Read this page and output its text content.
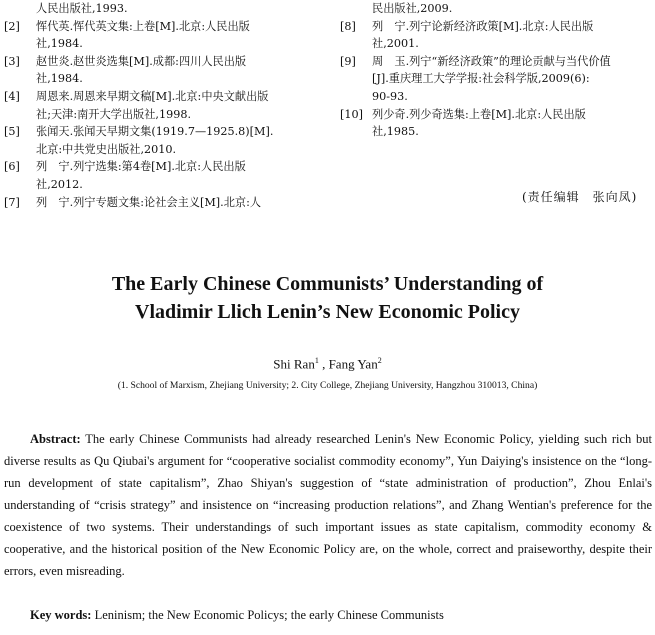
人民出版社,1993.
[2]	恽代英.恽代英文集:上卷[M].北京:人民出版
社,1984.
[3]	赵世炎.赵世炎选集[M].成都:四川人民出版
社,1984.
[4]	周恩来.周恩来早期文稿[M].北京:中央文献出版
社;天津:南开大学出版社,1998.
[5]	张闻天.张闻天早期文集(1919.7—1925.8)[M].
北京:中共党史出版社,2010.
[6]	列　宁.列宁选集:第4卷[M].北京:人民出版
社,2012.
[7]	列　宁.列宁专题文集:论社会主义[M].北京:人
民出版社,2009.
[8]	列　宁.列宁论新经济政策[M].北京:人民出版
社,2001.
[9]	周　玉.列宁“新经济政策”的理论贡献与当代价值
[J].重庆理工大学学报:社会科学版,2009(6):
90-93.
[10] 列少奇.列少奇选集:上卷[M].北京:人民出版
社,1985.
(责任编辑　张向凤)
The Early Chinese Communists’ Understanding of
Vladimir Llich Lenin’s New Economic Policy
Shi Ran$^1$ , Fang Yan$^2$
(1. School of Marxism, Zhejiang University; 2. City College, Zhejiang University, Hangzhou 310013, China)
Abstract: The early Chinese Communists had already researched Lenin's New Economic Policy, yielding such rich but diverse results as Qu Qiubai's argument for “cooperative socialist commodity economy”, Yun Daiying's insistence on the “long-run development of state capitalism”, Zhao Shiyan's suggestion of “state administration of production”, Zhou Enlai's understanding of “crisis strategy” and insistence on “increasing production relations”, and Zhang Wentian's preference for the coexistence of two systems. Their understandings of such important issues as state capitalism, commodity economy & cooperative, and the historical position of the New Economic Policy are, on the whole, correct and praiseworthy, despite their errors, even misreading.
Key words: Leninism; the New Economic Policys; the early Chinese Communists
